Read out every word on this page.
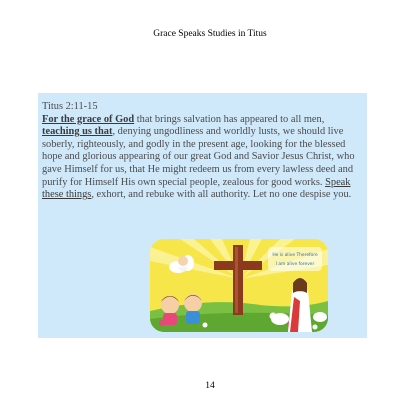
Grace Speaks Studies in Titus
Titus 2:11-15
For the grace of God that brings salvation has appeared to all men, teaching us that, denying ungodliness and worldly lusts, we should live soberly, righteously, and godly in the present age, looking for the blessed hope and glorious appearing of our great God and Savior Jesus Christ, who gave Himself for us, that He might redeem us from every lawless deed and purify for Himself His own special people, zealous for good works. Speak these things, exhort, and rebuke with all authority. Let no one despise you.
He is alive Therefore
I am alive forever
14
